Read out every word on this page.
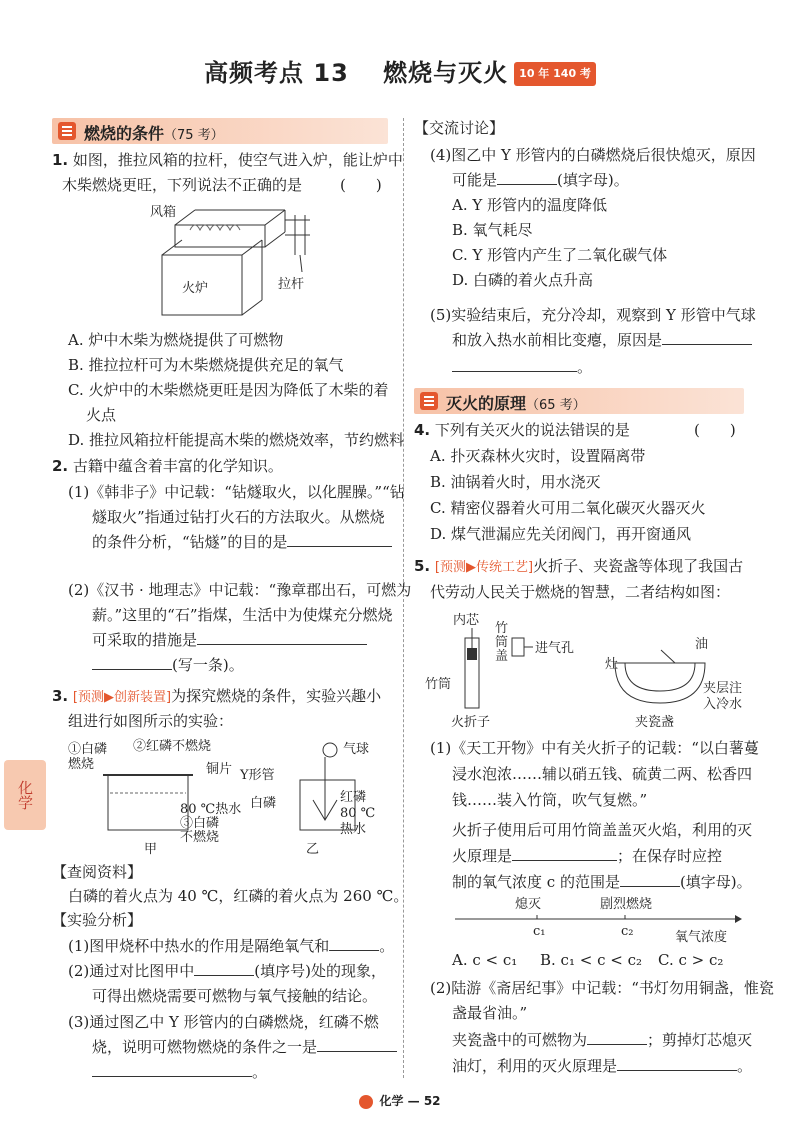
高频考点 13　 燃烧与灭火 10 年 140 考
化学
燃烧的条件（75 考）
1. 如图，推拉风箱的拉杆，使空气进入炉，能让炉中
木柴燃烧更旺，下列说法不正确的是	(　　)
风箱
火炉	拉杆
A. 炉中木柴为燃烧提供了可燃物
B. 推拉拉杆可为木柴燃烧提供充足的氧气
C. 火炉中的木柴燃烧更旺是因为降低了木柴的着
火点
D. 推拉风箱拉杆能提高木柴的燃烧效率，节约燃料
2. 古籍中蕴含着丰富的化学知识。
(1)《韩非子》中记载：“钻燧取火，以化腥臊。”“钻
燧取火”指通过钻打火石的方法取火。从燃烧
的条件分析，“钻燧”的目的是
(2)《汉书 · 地理志》中记载：“豫章郡出石，可燃为
薪。”这里的“石”指煤，生活中为使煤充分燃烧
可采取的措施是
(写一条)。
3. [预测▶创新装置]为探究燃烧的条件，实验兴趣小
组进行如图所示的实验：
①白磷
燃烧
②红磷不燃烧
铜片
80 ℃热水
③白磷
不燃烧
甲
气球
Y形管
白磷	红磷
80 ℃
热水
乙
【查阅资料】
白磷的着火点为 40 ℃，红磷的着火点为 260 ℃。
【实验分析】
(1)图甲烧杯中热水的作用是隔绝氧气和	。
(2)通过对比图甲中	(填序号)处的现象，
可得出燃烧需要可燃物与氧气接触的结论。
(3)通过图乙中 Y 形管内的白磷燃烧，红磷不燃
烧，说明可燃物燃烧的条件之一是
。
【交流讨论】
(4)图乙中 Y 形管内的白磷燃烧后很快熄灭，原因
可能是	(填字母)。
A. Y 形管内的温度降低
B. 氧气耗尽
C. Y 形管内产生了二氧化碳气体
D. 白磷的着火点升高
(5)实验结束后，充分冷却，观察到 Y 形管中气球
和放入热水前相比变瘪，原因是
。
灭火的原理（65 考）
4. 下列有关灭火的说法错误的是	(　　)
A. 扑灭森林火灾时，设置隔离带
B. 油锅着火时，用水浇灭
C. 精密仪器着火可用二氧化碳灭火器灭火
D. 煤气泄漏应先关闭阀门，再开窗通风
5. [预测▶传统工艺]火折子、夹瓷盏等体现了我国古
代劳动人民关于燃烧的智慧，二者结构如图：
内芯
竹
筒
盖
进气孔
竹筒
火折子
油
灶
夹层注
入冷水
夹瓷盏
(1)《天工开物》中有关火折子的记载：“以白薯蔓
浸水泡浓……辅以硝五钱、硫黄二两、松香四
钱……装入竹筒，吹气复燃。”
火折子使用后可用竹筒盖盖灭火焰，利用的灭
火原理是	；在保存时应控
制的氧气浓度 c 的范围是	(填字母)。
熄灭	剧烈燃烧
c₁	c₂	氧气浓度
A. c < c₁ B. c₁ < c < c₂ C. c > c₂
(2)陆游《斋居纪事》中记载：“书灯勿用铜盏，惟瓷
盏最省油。”
夹瓷盏中的可燃物为	；剪掉灯芯熄灭
油灯，利用的灭火原理是	。
化学 — 52
